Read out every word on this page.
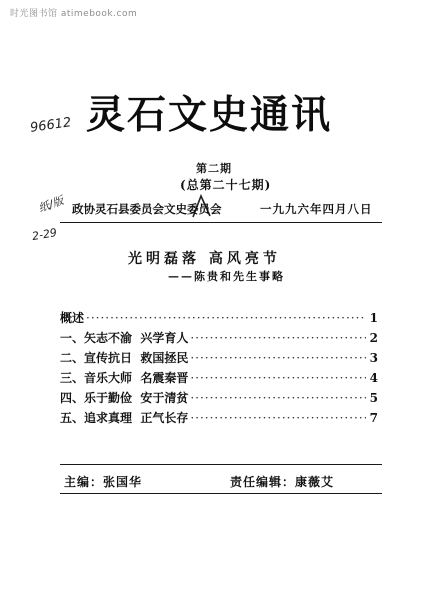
时光图书馆 atimebook.com
96612
纸/版
2-29
灵石文史通讯
第二期
(总第二十七期)
政协灵石县委员会文史委员会	一九九六年四月八日
光明磊落 高风亮节
——陈贵和先生事略
概述 ·····	1
一、矢志不渝  兴学育人 ·····	2
二、宣传抗日  救国拯民 ·····	3
三、音乐大师  名震秦晋 ·····	4
四、乐于勤俭  安于清贫 ·····	5
五、追求真理  正气长存 ·····	7
主编：张国华	责任编辑：康薇艾
